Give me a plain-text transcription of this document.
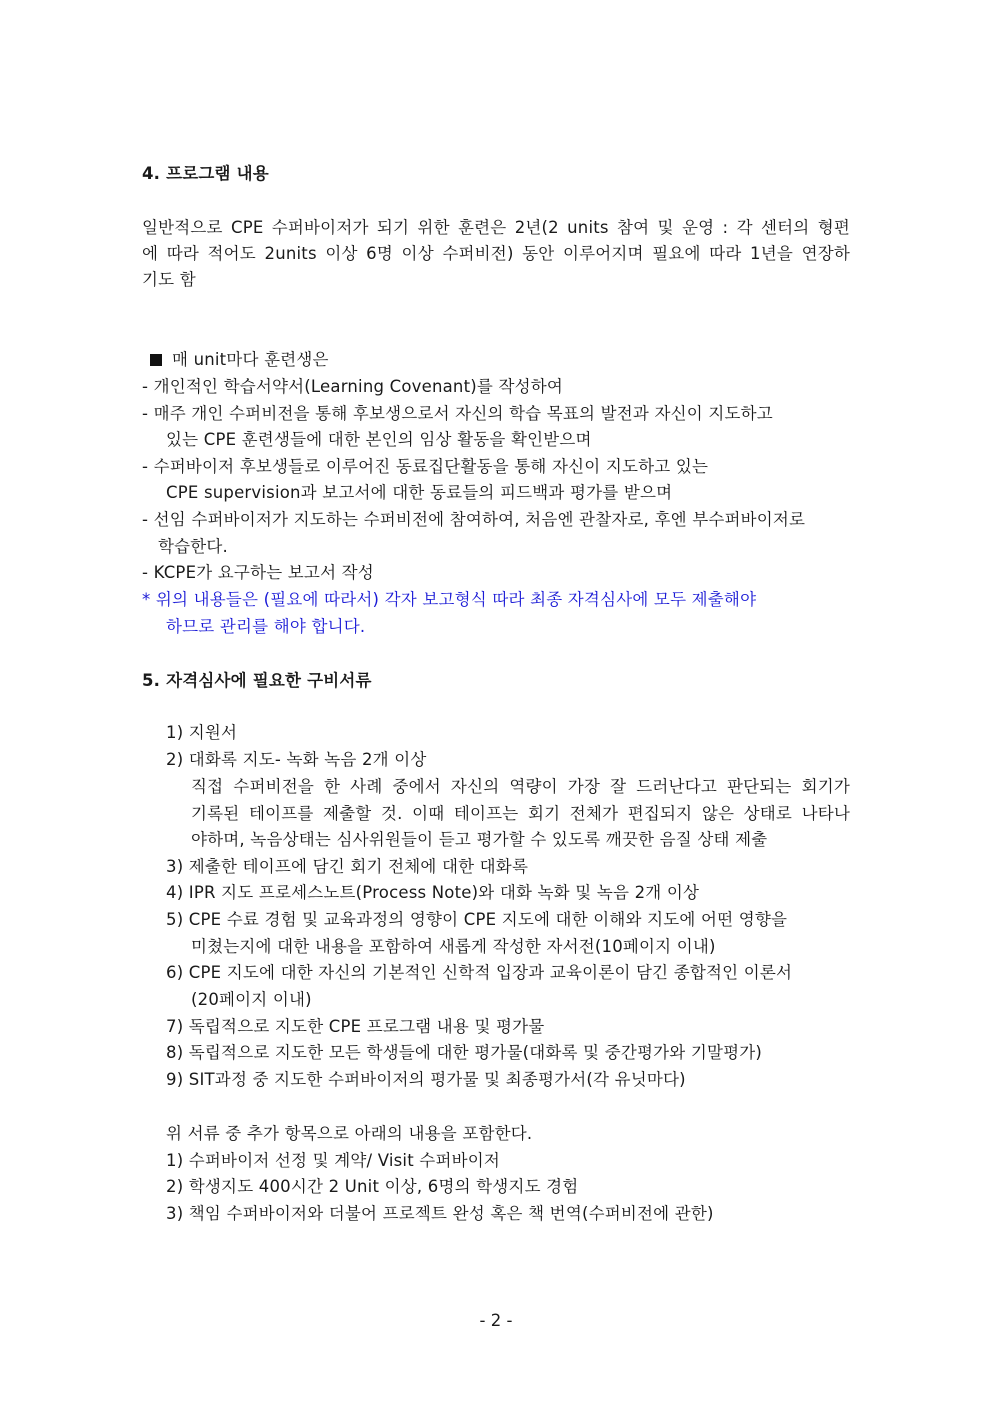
4. 프로그램 내용
일반적으로 CPE 수퍼바이저가 되기 위한 훈련은 2년(2 units 참여 및 운영 : 각 센터의 형편
에 따라 적어도 2units 이상 6명 이상 수퍼비전) 동안 이루어지며 필요에 따라 1년을 연장하
기도 함
매 unit마다 훈련생은
- 개인적인 학습서약서(Learning Covenant)를 작성하여
- 매주 개인 수퍼비전을 통해 후보생으로서 자신의 학습 목표의 발전과 자신이 지도하고
있는 CPE 훈련생들에 대한 본인의 임상 활동을 확인받으며
- 수퍼바이저 후보생들로 이루어진 동료집단활동을 통해 자신이 지도하고 있는
CPE supervision과 보고서에 대한 동료들의 피드백과 평가를 받으며
- 선임 수퍼바이저가 지도하는 수퍼비전에 참여하여, 처음엔 관찰자로, 후엔 부수퍼바이저로
학습한다.
- KCPE가 요구하는 보고서 작성
* 위의 내용들은 (필요에 따라서) 각자 보고형식 따라 최종 자격심사에 모두 제출해야
하므로 관리를 해야 합니다.
5. 자격심사에 필요한 구비서류
1) 지원서
2) 대화록 지도- 녹화 녹음 2개 이상
직접 수퍼비전을 한 사례 중에서 자신의 역량이 가장 잘 드러난다고 판단되는 회기가
기록된 테이프를 제출할 것. 이때 테이프는 회기 전체가 편집되지 않은 상태로 나타나
야하며, 녹음상태는 심사위원들이 듣고 평가할 수 있도록 깨끗한 음질 상태 제출
3) 제출한 테이프에 담긴 회기 전체에 대한 대화록
4) IPR 지도 프로세스노트(Process Note)와 대화 녹화 및 녹음 2개 이상
5) CPE 수료 경험 및 교육과정의 영향이 CPE 지도에 대한 이해와 지도에 어떤 영향을
미쳤는지에 대한 내용을 포함하여 새롭게 작성한 자서전(10페이지 이내)
6) CPE 지도에 대한 자신의 기본적인 신학적 입장과 교육이론이 담긴 종합적인 이론서
(20페이지 이내)
7) 독립적으로 지도한 CPE 프로그램 내용 및 평가물
8) 독립적으로 지도한 모든 학생들에 대한 평가물(대화록 및 중간평가와 기말평가)
9) SIT과정 중 지도한 수퍼바이저의 평가물 및 최종평가서(각 유닛마다)
위 서류 중 추가 항목으로 아래의 내용을 포함한다.
1) 수퍼바이저 선정 및 계약/ Visit 수퍼바이저
2) 학생지도 400시간 2 Unit 이상, 6명의 학생지도 경험
3) 책임 수퍼바이저와 더불어 프로젝트 완성 혹은 책 번역(수퍼비전에 관한)
- 2 -
